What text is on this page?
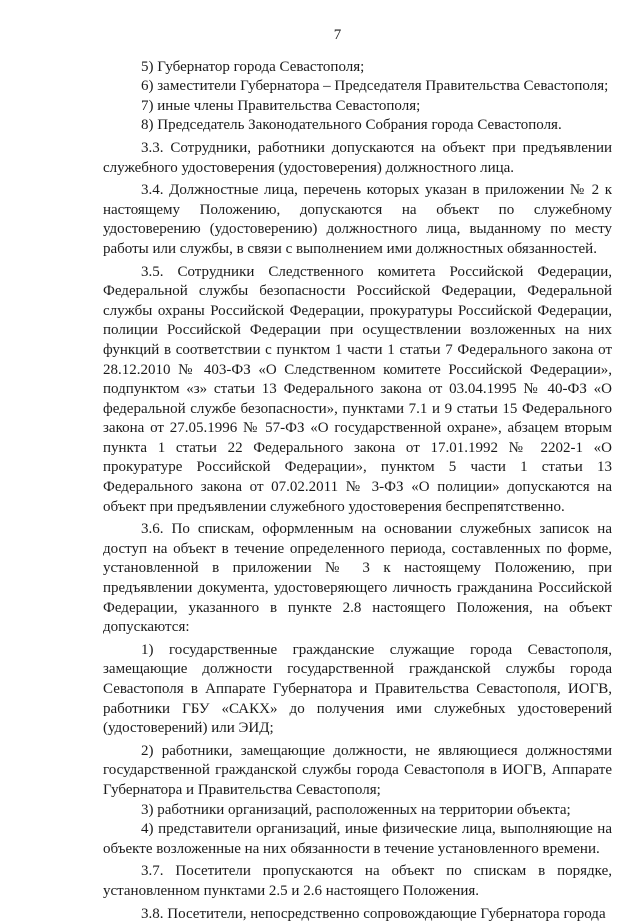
7

5) Губернатор города Севастополя;

6) заместители Губернатора – Председателя Правительства Севастополя;

7) иные члены Правительства Севастополя;

8) Председатель Законодательного Собрания города Севастополя.

3.3. Сотрудники, работники допускаются на объект при предъявлении служебного удостоверения (удостоверения) должностного лица.

3.4. Должностные лица, перечень которых указан в приложении № 2 к настоящему Положению, допускаются на объект по служебному удостоверению (удостоверению) должностного лица, выданному по месту работы или службы, в связи с выполнением ими должностных обязанностей.

3.5. Сотрудники Следственного комитета Российской Федерации, Федеральной службы безопасности Российской Федерации, Федеральной службы охраны Российской Федерации, прокуратуры Российской Федерации, полиции Российской Федерации при осуществлении возложенных на них функций в соответствии с пунктом 1 части 1 статьи 7 Федерального закона от 28.12.2010 № 403-ФЗ «О Следственном комитете Российской Федерации», подпунктом «з» статьи 13 Федерального закона от 03.04.1995 № 40-ФЗ «О федеральной службе безопасности», пунктами 7.1 и 9 статьи 15 Федерального закона от 27.05.1996 № 57-ФЗ «О государственной охране», абзацем вторым пункта 1 статьи 22 Федерального закона от 17.01.1992 № 2202-1 «О прокуратуре Российской Федерации», пунктом 5 части 1 статьи 13 Федерального закона от 07.02.2011 № 3-ФЗ «О полиции» допускаются на объект при предъявлении служебного удостоверения беспрепятственно.

3.6. По спискам, оформленным на основании служебных записок на доступ на объект в течение определенного периода, составленных по форме, установленной в приложении № 3 к настоящему Положению, при предъявлении документа, удостоверяющего личность гражданина Российской Федерации, указанного в пункте 2.8 настоящего Положения, на объект допускаются:

1) государственные гражданские служащие города Севастополя, замещающие должности государственной гражданской службы города Севастополя в Аппарате Губернатора и Правительства Севастополя, ИОГВ, работники ГБУ «САКХ» до получения ими служебных удостоверений (удостоверений) или ЭИД;

2) работники, замещающие должности, не являющиеся должностями государственной гражданской службы города Севастополя в ИОГВ, Аппарате Губернатора и Правительства Севастополя;

3) работники организаций, расположенных на территории объекта;

4) представители организаций, иные физические лица, выполняющие на объекте возложенные на них обязанности в течение установленного времени.

3.7. Посетители пропускаются на объект по спискам в порядке, установленном пунктами 2.5 и 2.6 настоящего Положения.

3.8. Посетители, непосредственно сопровождающие Губернатора города
